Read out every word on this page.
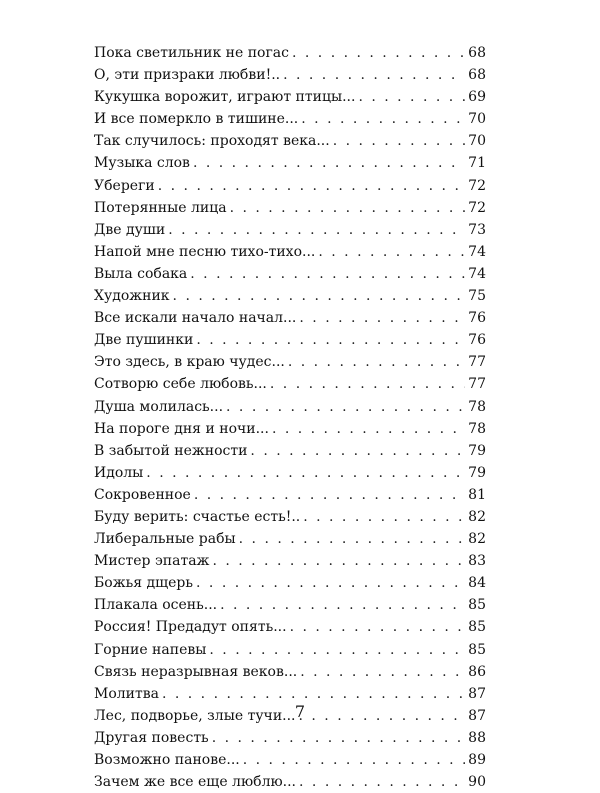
Пока светильник не погас . . .	68
О, эти призраки любви!.. . . .	68
Кукушка ворожит, играют птицы... . . .	69
И все померкло в тишине... . . .	70
Так случилось: проходят века... . . .	70
Музыка слов . . .	71
Убереги . . .	72
Потерянные лица . . .	72
Две души . . .	73
Напой мне песню тихо-тихо... . . .	74
Выла собака . . .	74
Художник . . .	75
Все искали начало начал... . . .	76
Две пушинки . . .	76
Это здесь, в краю чудес... . . .	77
Сотворю себе любовь... . . .	77
Душа молилась... . . .	78
На пороге дня и ночи... . . .	78
В забытой нежности . . .	79
Идолы . . .	79
Сокровенное . . .	81
Буду верить: счастье есть!.. . . .	82
Либеральные рабы . . .	82
Мистер эпатаж . . .	83
Божья дщерь . . .	84
Плакала осень... . . .	85
Россия! Предадут опять... . . .	85
Горние напевы . . .	85
Связь неразрывная веков... . . .	86
Молитва . . .	87
Лес, подворье, злые тучи... . . .	87
Другая повесть . . .	88
Возможно панове... . . .	89
Зачем же все еще люблю... . . .	90
7
